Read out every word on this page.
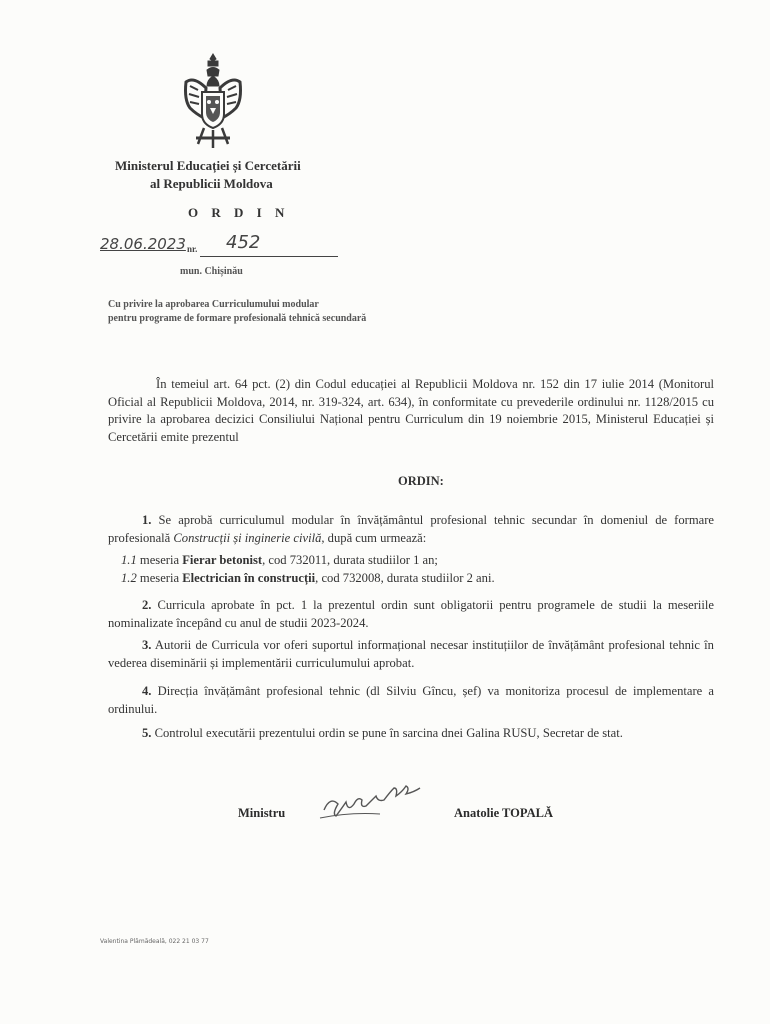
Ministerul Educației și Cercetării
al Republicii Moldova
O R D I N
28.06.2023 nr. 452
mun. Chișinău
Cu privire la aprobarea Curriculumului modular
pentru programe de formare profesională tehnică secundară
În temeiul art. 64 pct. (2) din Codul educației al Republicii Moldova nr. 152 din 17 iulie 2014 (Monitorul Oficial al Republicii Moldova, 2014, nr. 319-324, art. 634), în conformitate cu prevederile ordinului nr. 1128/2015 cu privire la aprobarea decizici Consiliului Național pentru Curriculum din 19 noiembrie 2015, Ministerul Educației și Cercetării emite prezentul
ORDIN:
1. Se aprobă curriculumul modular în învățământul profesional tehnic secundar în domeniul de formare profesională Construcții și inginerie civilă, după cum urmează:
1.1 meseria Fierar betonist, cod 732011, durata studiilor 1 an;
1.2 meseria Electrician în construcții, cod 732008, durata studiilor 2 ani.
2. Curricula aprobate în pct. 1 la prezentul ordin sunt obligatorii pentru programele de studii la meseriile nominalizate începând cu anul de studii 2023-2024.
3. Autorii de Curricula vor oferi suportul informațional necesar instituțiilor de învățământ profesional tehnic în vederea diseminării și implementării curriculumului aprobat.
4. Direcția învățământ profesional tehnic (dl Silviu Gîncu, șef) va monitoriza procesul de implementare a ordinului.
5. Controlul executării prezentului ordin se pune în sarcina dnei Galina RUSU, Secretar de stat.
Ministru	Anatolie TOPALĂ
Valentina Plămădeală, 022 21 03 77
